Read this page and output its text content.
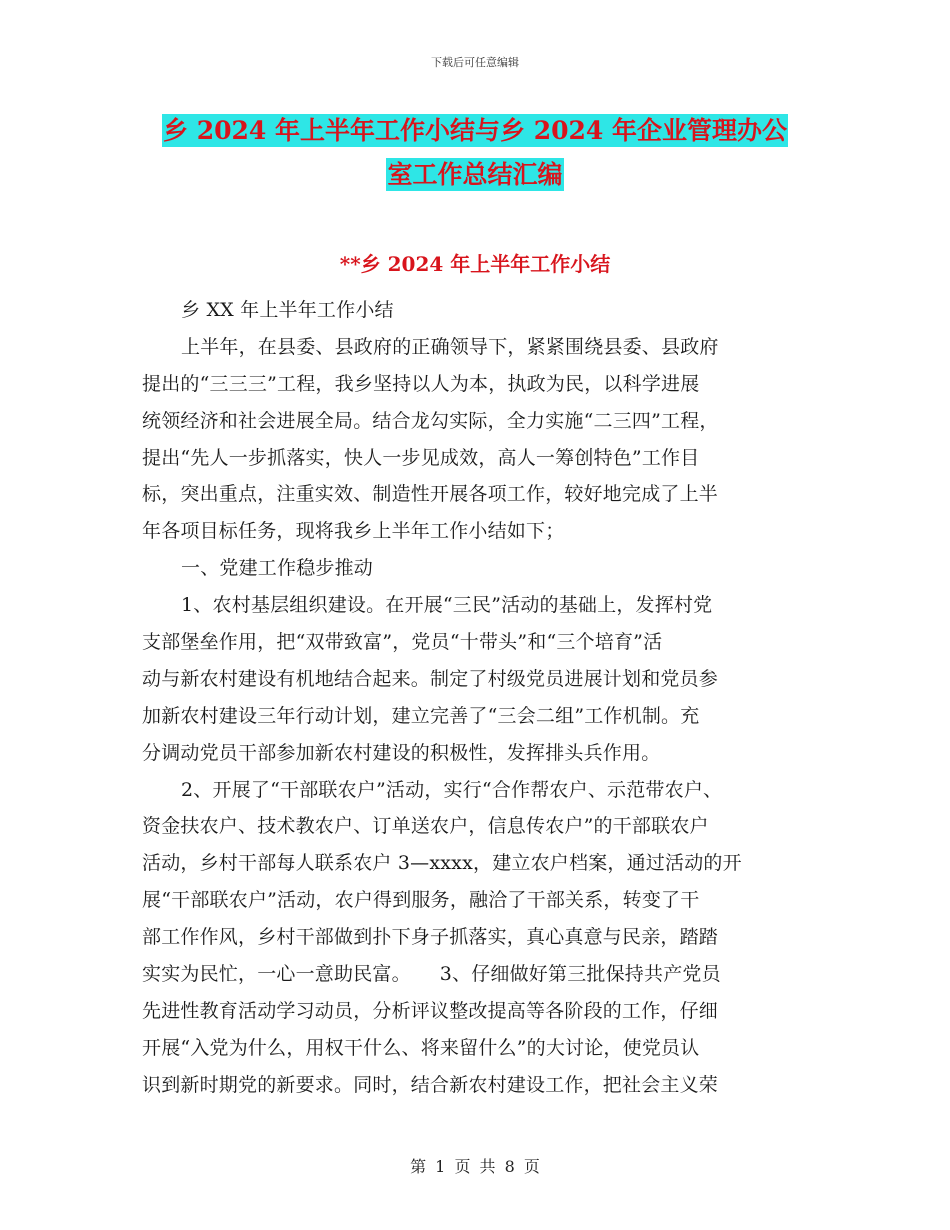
下载后可任意编辑
乡 2024 年上半年工作小结与乡 2024 年企业管理办公
室工作总结汇编
**乡 2024 年上半年工作小结
乡 XX 年上半年工作小结
上半年，在县委、县政府的正确领导下，紧紧围绕县委、县政府
提出的“三三三”工程，我乡坚持以人为本，执政为民，以科学进展
统领经济和社会进展全局。结合龙勾实际，全力实施“二三四”工程，
提出“先人一步抓落实，快人一步见成效，高人一筹创特色”工作目
标，突出重点，注重实效、制造性开展各项工作，较好地完成了上半
年各项目标任务，现将我乡上半年工作小结如下；
一、党建工作稳步推动
1、农村基层组织建设。在开展“三民”活动的基础上，发挥村党
支部堡垒作用，把“双带致富”，党员“十带头”和“三个培育”活
动与新农村建设有机地结合起来。制定了村级党员进展计划和党员参
加新农村建设三年行动计划，建立完善了“三会二组”工作机制。充
分调动党员干部参加新农村建设的积极性，发挥排头兵作用。
2、开展了“干部联农户”活动，实行“合作帮农户、示范带农户、
资金扶农户、技术教农户、订单送农户，信息传农户”的干部联农户
活动，乡村干部每人联系农户 3—xxxx，建立农户档案，通过活动的开
展“干部联农户”活动，农户得到服务，融洽了干部关系，转变了干
部工作作风，乡村干部做到扑下身子抓落实，真心真意与民亲，踏踏
实实为民忙，一心一意助民富。　　3、仔细做好第三批保持共产党员
先进性教育活动学习动员，分析评议整改提高等各阶段的工作，仔细
开展“入党为什么，用权干什么、将来留什么”的大讨论，使党员认
识到新时期党的新要求。同时，结合新农村建设工作，把社会主义荣
第 1 页 共 8 页
